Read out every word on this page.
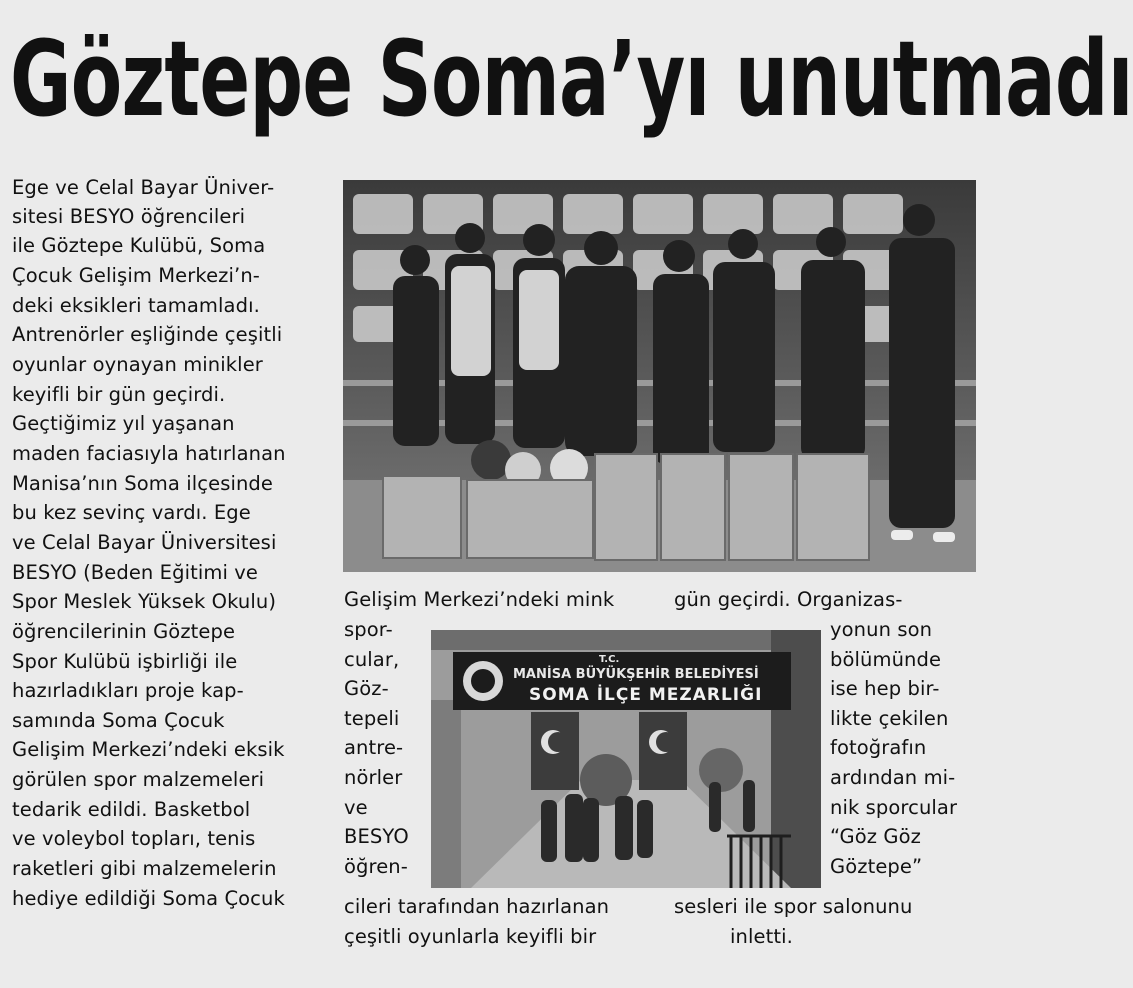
Göztepe Soma’yı unutmadı
Ege ve Celal Bayar Üniver-
sitesi BESYO öğrencileri
ile Göztepe Kulübü, Soma
Çocuk Gelişim Merkezi’n-
deki eksikleri tamamladı.
Antrenörler eşliğinde çeşitli
oyunlar oynayan minikler
keyifli bir gün geçirdi.
Geçtiğimiz yıl yaşanan
maden faciasıyla hatırlanan
Manisa’nın Soma ilçesinde
bu kez sevinç vardı. Ege
ve Celal Bayar Üniversitesi
BESYO (Beden Eğitimi ve
Spor Meslek Yüksek Okulu)
öğrencilerinin Göztepe
Spor Kulübü işbirliği ile
hazırladıkları proje kap-
samında Soma Çocuk
Gelişim Merkezi’ndeki eksik
görülen spor malzemeleri
tedarik edildi. Basketbol
ve voleybol topları, tenis
raketleri gibi malzemelerin
hediye edildiği Soma Çocuk
Gelişim Merkezi’ndeki mink
spor-
cular,
Göz-
tepeli
antre-
nörler
ve
BESYO
öğren-
cileri tarafından hazırlanan
çeşitli oyunlarla keyifli bir
T.C.
MANİSA BÜYÜKŞEHİR BELEDİYESİ
SOMA İLÇE MEZARLIĞI
gün geçirdi. Organizas-
yonun son
bölümünde
ise hep bir-
likte çekilen
fotoğrafın
ardından mi-
nik sporcular
“Göz Göz
Göztepe”
sesleri ile spor salonunu
inletti.
